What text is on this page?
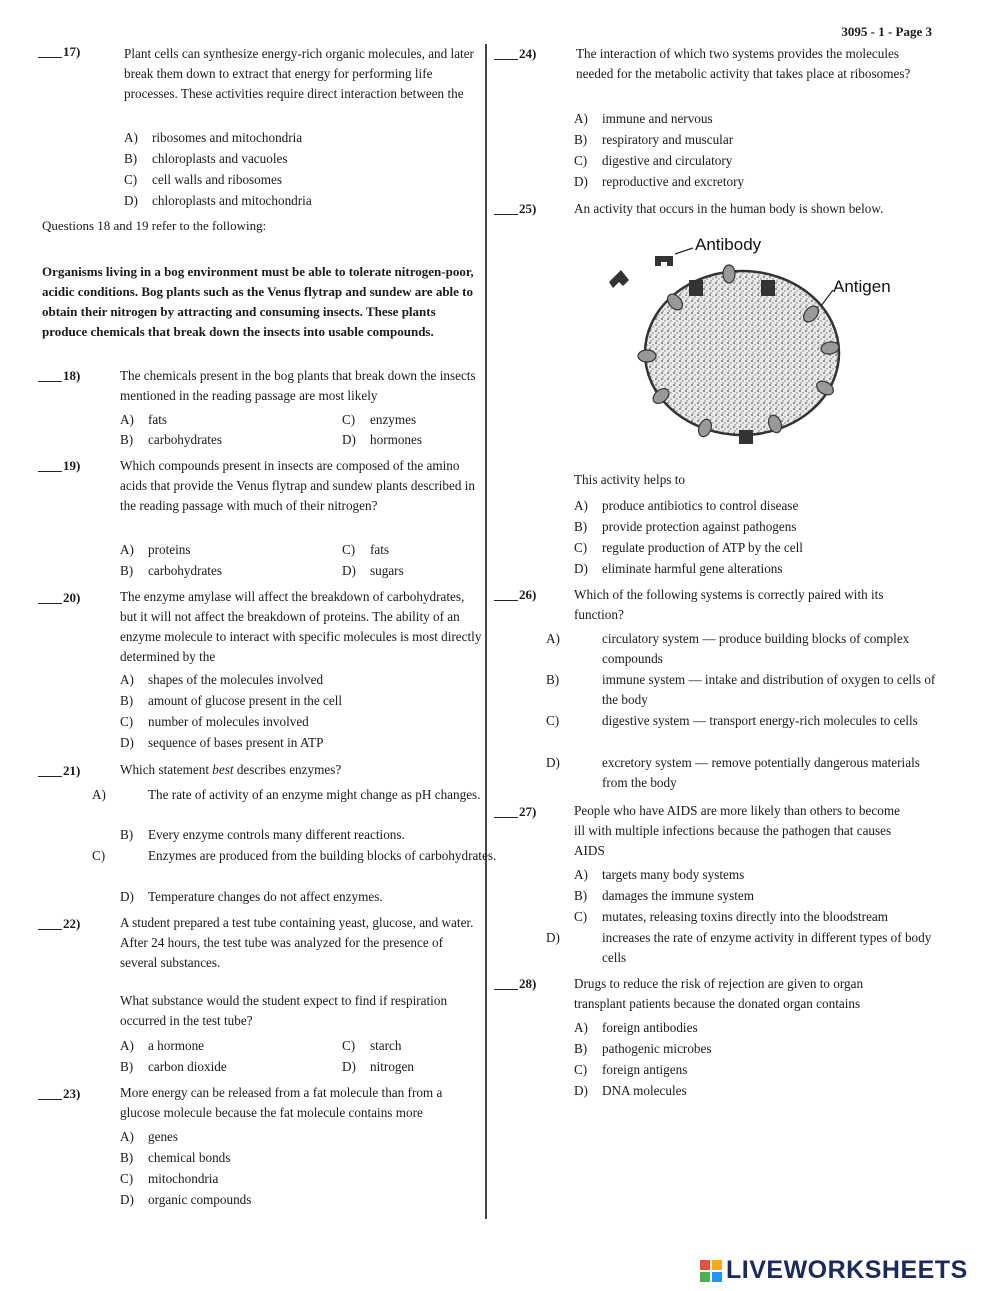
3095 - 1 - Page 3
17)	Plant cells can synthesize energy-rich organic molecules, and later break them down to extract that energy for performing life processes. These activities require direct interaction between the
A) ribosomes and mitochondria
B) chloroplasts and vacuoles
C) cell walls and ribosomes
D) chloroplasts and mitochondria
Questions 18 and 19 refer to the following:
Organisms living in a bog environment must be able to tolerate nitrogen-poor, acidic conditions. Bog plants such as the Venus flytrap and sundew are able to obtain their nitrogen by attracting and consuming insects. These plants produce chemicals that break down the insects into usable compounds.
18)	The chemicals present in the bog plants that break down the insects mentioned in the reading passage are most likely
A) fats	C) enzymes
B) carbohydrates	D) hormones
19)	Which compounds present in insects are composed of the amino acids that provide the Venus flytrap and sundew plants described in the reading passage with much of their nitrogen?
A) proteins	C) fats
B) carbohydrates	D) sugars
20)	The enzyme amylase will affect the breakdown of carbohydrates, but it will not affect the breakdown of proteins. The ability of an enzyme molecule to interact with specific molecules is most directly determined by the
A) shapes of the molecules involved
B) amount of glucose present in the cell
C) number of molecules involved
D) sequence of bases present in ATP
21)	Which statement best describes enzymes?
A)	The rate of activity of an enzyme might change as pH changes.
B) Every enzyme controls many different reactions.
C)	Enzymes are produced from the building blocks of carbohydrates.
D) Temperature changes do not affect enzymes.
22)	A student prepared a test tube containing yeast, glucose, and water. After 24 hours, the test tube was analyzed for the presence of several substances.
What substance would the student expect to find if respiration occurred in the test tube?
A) a hormone	C) starch
B) carbon dioxide	D) nitrogen
23)	More energy can be released from a fat molecule than from a glucose molecule because the fat molecule contains more
A) genes
B) chemical bonds
C) mitochondria
D) organic compounds
24)	The interaction of which two systems provides the molecules needed for the metabolic activity that takes place at ribosomes?
A) immune and nervous
B) respiratory and muscular
C) digestive and circulatory
D) reproductive and excretory
25)	An activity that occurs in the human body is shown below.
Antibody
Antigen
This activity helps to
A) produce antibiotics to control disease
B) provide protection against pathogens
C) regulate production of ATP by the cell
D) eliminate harmful gene alterations
26)	Which of the following systems is correctly paired with its function?
A)	circulatory system — produce building blocks of complex compounds
B)	immune system — intake and distribution of oxygen to cells of the body
C)	digestive system — transport energy-rich molecules to cells
D)	excretory system — remove potentially dangerous materials from the body
27)	People who have AIDS are more likely than others to become ill with multiple infections because the pathogen that causes AIDS
A) targets many body systems
B) damages the immune system
C) mutates, releasing toxins directly into the bloodstream
D)	increases the rate of enzyme activity in different types of body cells
28)	Drugs to reduce the risk of rejection are given to organ transplant patients because the donated organ contains
A) foreign antibodies
B) pathogenic microbes
C) foreign antigens
D) DNA molecules
LIVEWORKSHEETS
